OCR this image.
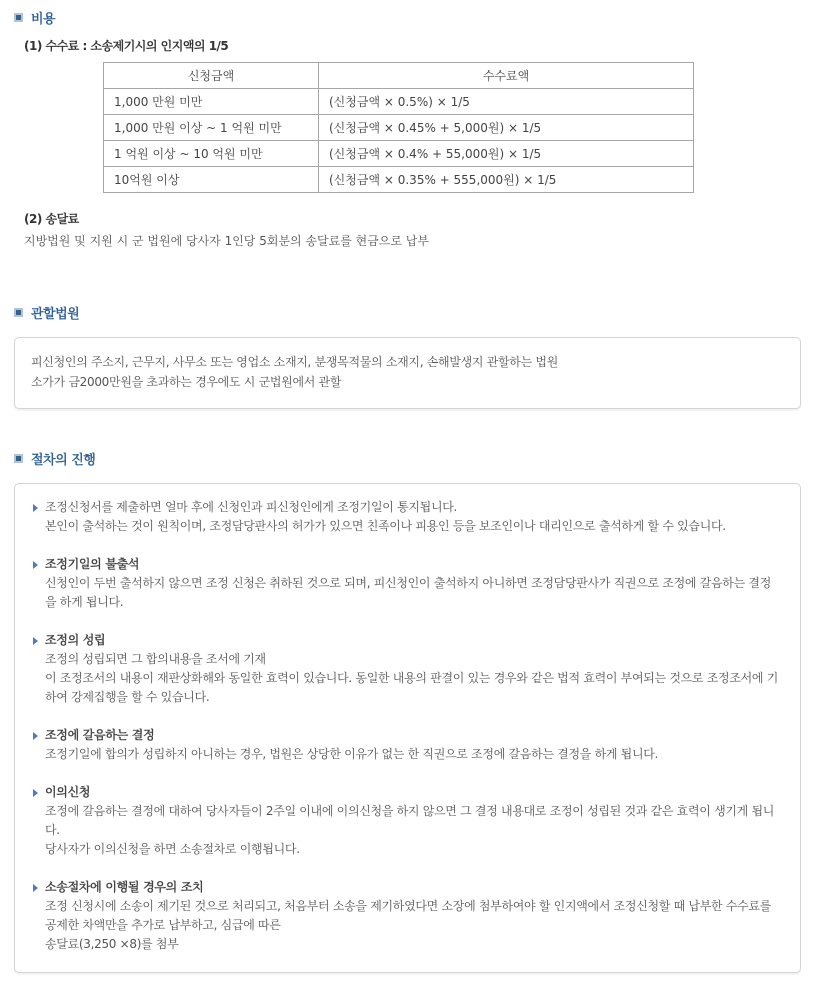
비용
(1) 수수료 : 소송제기시의 인지액의 1/5
신청금액	수수료액
1,000 만원 미만	(신청금액 × 0.5%) × 1/5
1,000 만원 이상 ~ 1 억원 미만	(신청금액 × 0.45% + 5,000원) × 1/5
1 억원 이상 ~ 10 억원 미만	(신청금액 × 0.4% + 55,000원) × 1/5
10억원 이상	(신청금액 × 0.35% + 555,000원) × 1/5
(2) 송달료
지방법원 및 지원 시 군 법원에 당사자 1인당 5회분의 송달료를 현금으로 납부
관할법원
피신청인의 주소지, 근무지, 사무소 또는 영업소 소재지, 분쟁목적물의 소재지, 손해발생지 관할하는 법원
소가가 금2000만원을 초과하는 경우에도 시 군법원에서 관할
절차의 진행
조정신청서를 제출하면 얼마 후에 신청인과 피신청인에게 조정기일이 통지됩니다.
본인이 출석하는 것이 원칙이며, 조정담당판사의 허가가 있으면 친족이나 피용인 등을 보조인이나 대리인으로 출석하게 할 수 있습니다.
조정기일의 불출석
신청인이 두번 출석하지 않으면 조정 신청은 취하된 것으로 되며, 피신청인이 출석하지 아니하면 조정담당판사가 직권으로 조정에 갈음하는 결정을 하게 됩니다.
조정의 성립
조정의 성립되면 그 합의내용을 조서에 기재
이 조정조서의 내용이 재판상화해와 동일한 효력이 있습니다. 동일한 내용의 판결이 있는 경우와 같은 법적 효력이 부여되는 것으로 조정조서에 기하여 강제집행을 할 수 있습니다.
조정에 갈음하는 결정
조정기일에 합의가 성립하지 아니하는 경우, 법원은 상당한 이유가 없는 한 직권으로 조정에 갈음하는 결정을 하게 됩니다.
이의신청
조정에 갈음하는 결정에 대하여 당사자들이 2주일 이내에 이의신청을 하지 않으면 그 결정 내용대로 조정이 성립된 것과 같은 효력이 생기게 됩니다.
당사자가 이의신청을 하면 소송절차로 이행됩니다.
소송절차에 이행될 경우의 조치
조정 신청시에 소송이 제기된 것으로 처리되고, 처음부터 소송을 제기하였다면 소장에 첨부하여야 할 인지액에서 조정신청할 때 납부한 수수료를 공제한 차액만을 추가로 납부하고, 심급에 따른
송달료(3,250 ×8)를 첨부
